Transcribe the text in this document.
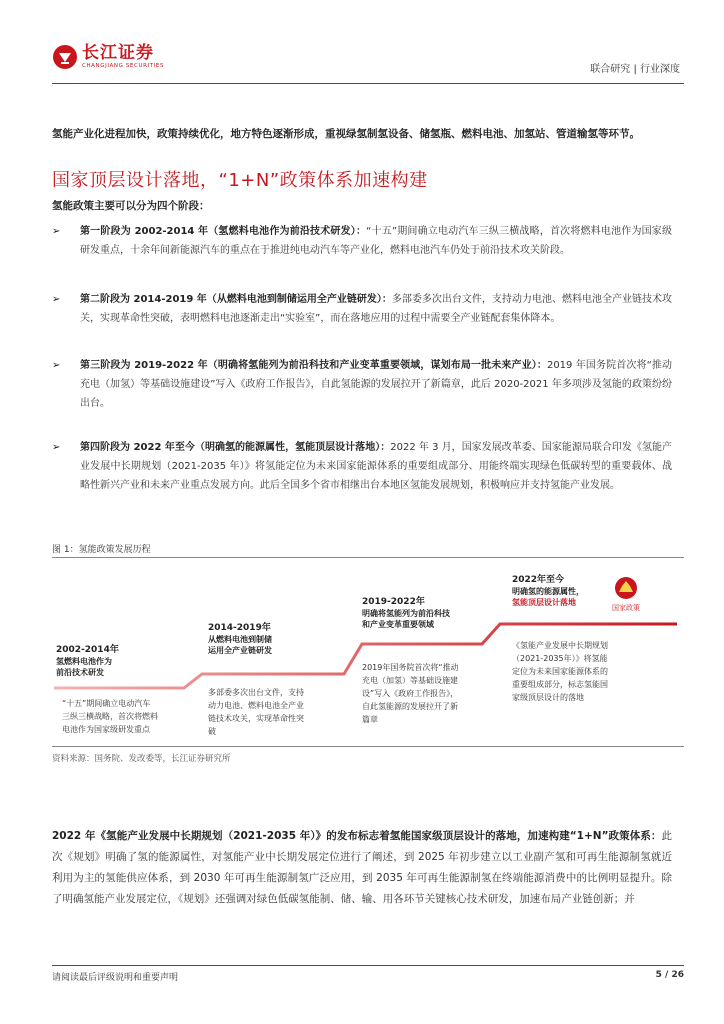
长江证券
CHANGJIANG SECURITIES	联合研究 | 行业深度
氢能产业化进程加快，政策持续优化，地方特色逐渐形成，重视绿氢制氢设备、储氢瓶、燃料电池、加氢站、管道输氢等环节。
国家顶层设计落地，“1+N”政策体系加速构建
氢能政策主要可以分为四个阶段：
➢ 第一阶段为 2002-2014 年（氢燃料电池作为前沿技术研发）：“十五”期间确立电动汽车三纵三横战略，首次将燃料电池作为国家级研发重点，十余年间新能源汽车的重点在于推进纯电动汽车等产业化，燃料电池汽车仍处于前沿技术攻关阶段。
➢ 第二阶段为 2014-2019 年（从燃料电池到制储运用全产业链研发）：多部委多次出台文件，支持动力电池、燃料电池全产业链技术攻关，实现革命性突破，表明燃料电池逐渐走出“实验室”，而在落地应用的过程中需要全产业链配套集体降本。
➢ 第三阶段为 2019-2022 年（明确将氢能列为前沿科技和产业变革重要领域，谋划布局一批未来产业）：2019 年国务院首次将“推动充电（加氢）等基础设施建设”写入《政府工作报告》，自此氢能源的发展拉开了新篇章，此后 2020-2021 年多项涉及氢能的政策纷纷出台。
➢ 第四阶段为 2022 年至今（明确氢的能源属性，氢能顶层设计落地）：2022 年 3 月，国家发展改革委、国家能源局联合印发《氢能产业发展中长期规划（2021-2035 年）》将氢能定位为未来国家能源体系的重要组成部分、用能终端实现绿色低碳转型的重要载体、战略性新兴产业和未来产业重点发展方向。此后全国多个省市相继出台本地区氢能发展规划，积极响应并支持氢能产业发展。
图 1：氢能政策发展历程
2002-2014年
氢燃料电池作为
前沿技术研发
“十五”期间确立电动汽车
三纵三横战略，首次将燃料
电池作为国家级研发重点
2014-2019年
从燃料电池到制储
运用全产业链研发
多部委多次出台文件，支持
动力电池、燃料电池全产业
链技术攻关，实现革命性突
破
2019-2022年
明确将氢能列为前沿科技
和产业变革重要领域
2019年国务院首次将“推动
充电（加氢）等基础设施建
设”写入《政府工作报告》，
自此氢能源的发展拉开了新
篇章
2022年至今
明确氢的能源属性，
氢能顶层设计落地
《氢能产业发展中长期规划
（2021-2035年）》将氢能
定位为未来国家能源体系的
重要组成部分，标志氢能国
家级顶层设计的落地
国家政策
资料来源：国务院、发改委等，长江证券研究所
2022 年《氢能产业发展中长期规划（2021-2035 年）》的发布标志着氢能国家级顶层设计的落地，加速构建“1+N”政策体系：此次《规划》明确了氢的能源属性，对氢能产业中长期发展定位进行了阐述，到 2025 年初步建立以工业副产氢和可再生能源制氢就近利用为主的氢能供应体系，到 2030 年可再生能源制氢广泛应用，到 2035 年可再生能源制氢在终端能源消费中的比例明显提升。除了明确氢能产业发展定位，《规划》还强调对绿色低碳氢能制、储、输、用各环节关键核心技术研发，加速布局产业链创新；并
请阅读最后评级说明和重要声明	5 / 26
